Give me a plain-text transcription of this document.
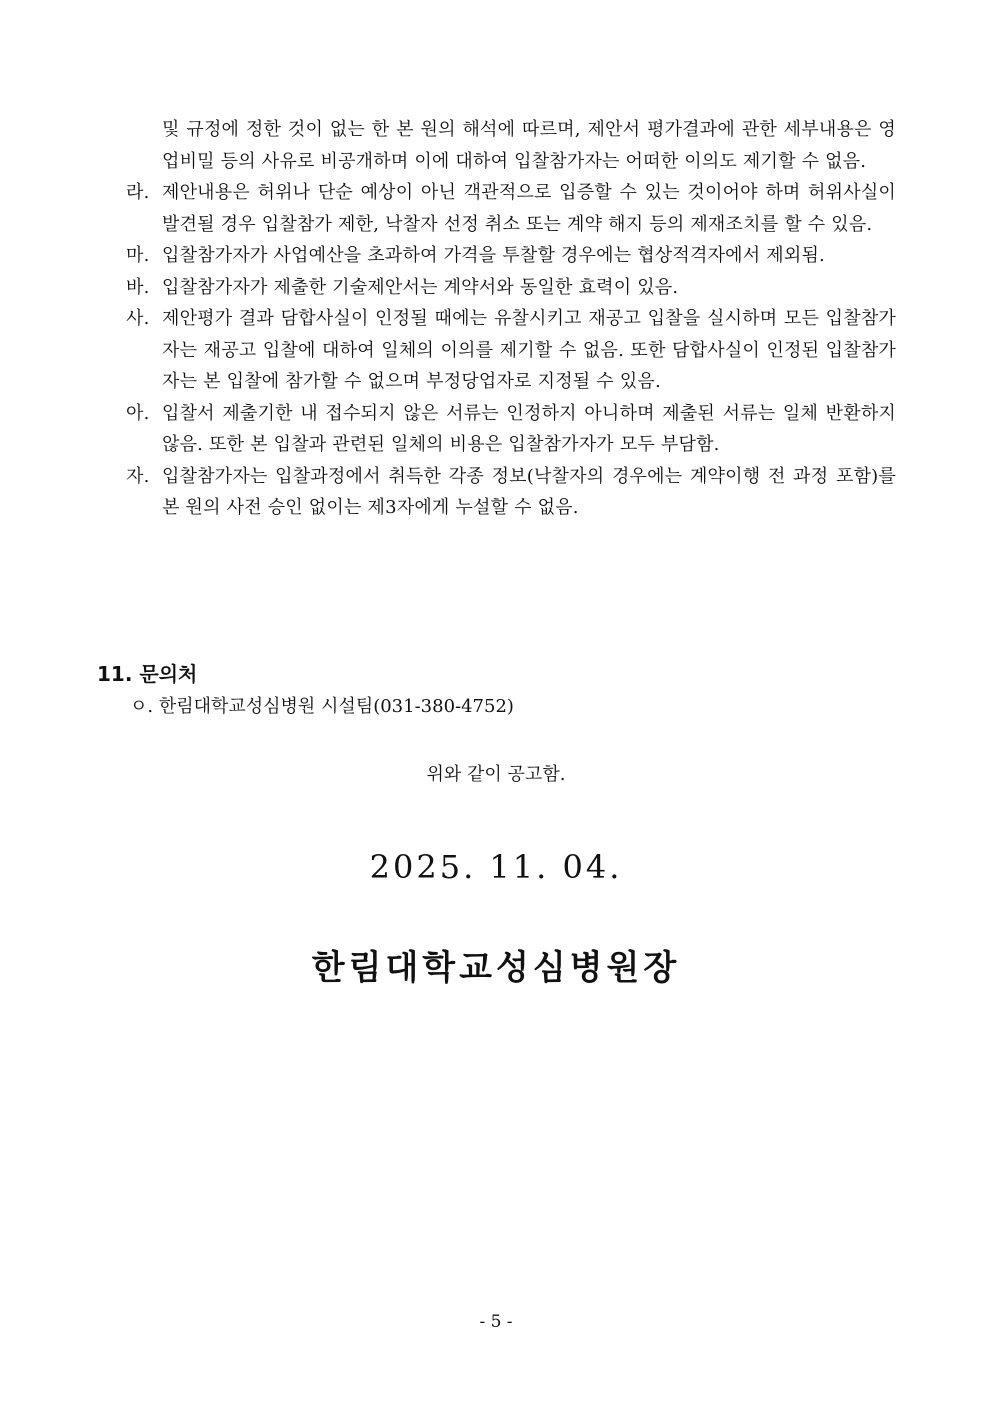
및 규정에 정한 것이 없는 한 본 원의 해석에 따르며, 제안서 평가결과에 관한 세부내용은 영업비밀 등의 사유로 비공개하며 이에 대하여 입찰참가자는 어떠한 이의도 제기할 수 없음.
라. 제안내용은 허위나 단순 예상이 아닌 객관적으로 입증할 수 있는 것이어야 하며 허위사실이 발견될 경우 입찰참가 제한, 낙찰자 선정 취소 또는 계약 해지 등의 제재조치를 할 수 있음.
마. 입찰참가자가 사업예산을 초과하여 가격을 투찰할 경우에는 협상적격자에서 제외됨.
바. 입찰참가자가 제출한 기술제안서는 계약서와 동일한 효력이 있음.
사. 제안평가 결과 담합사실이 인정될 때에는 유찰시키고 재공고 입찰을 실시하며 모든 입찰참가자는 재공고 입찰에 대하여 일체의 이의를 제기할 수 없음. 또한 담합사실이 인정된 입찰참가자는 본 입찰에 참가할 수 없으며 부정당업자로 지정될 수 있음.
아. 입찰서 제출기한 내 접수되지 않은 서류는 인정하지 아니하며 제출된 서류는 일체 반환하지 않음. 또한 본 입찰과 관련된 일체의 비용은 입찰참가자가 모두 부담함.
자. 입찰참가자는 입찰과정에서 취득한 각종 정보(낙찰자의 경우에는 계약이행 전 과정 포함)를 본 원의 사전 승인 없이는 제3자에게 누설할 수 없음.
11. 문의처
ㅇ. 한림대학교성심병원 시설팀(031-380-4752)
위와 같이 공고함.
2025. 11. 04.
한림대학교성심병원장
- 5 -
